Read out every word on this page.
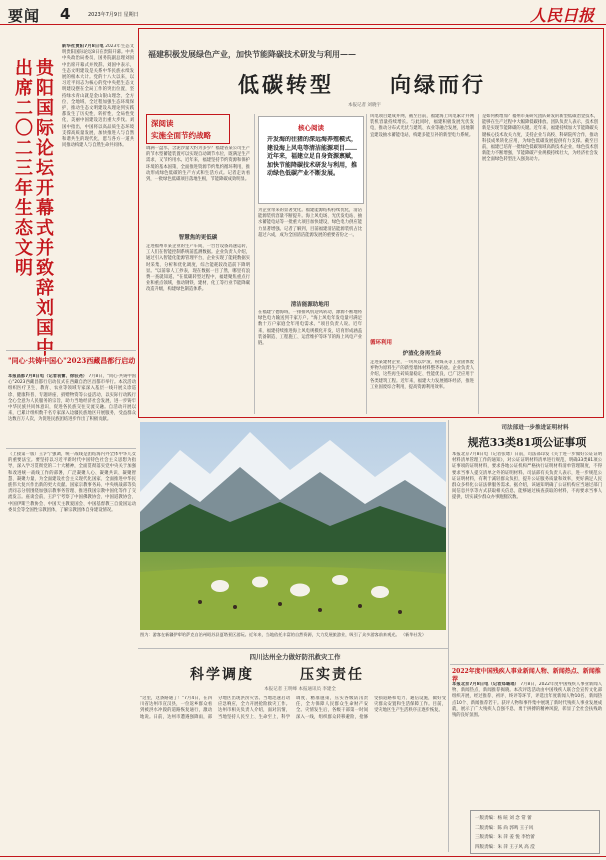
要闻 4	2023年7月9日 星期日	人民日报
贵阳国际论坛开幕式并致辞刘国中出席二〇二三年生态文明
新华社贵阳7月8日电 2023年生态文明贵阳国际论坛8日在贵阳开幕。中共中央政治局委员、国务院副总理刘国中出席开幕式并致辞。刘国中表示，生态文明建设是关系中华民族永续发展的根本大计。党的十八大以来，以习近平同志为核心的党中央把生态文明建设摆在全局工作的突出位置，坚持绿水青山就是金山银山理念，全方位、全地域、全过程加强生态环境保护，推动生态文明建设从理论到实践都发生了历史性、转折性、全局性变化，美丽中国建设迈出重大步伐。刘国中指出，中国将以高品质生态环境支撑高质量发展，加快推进人与自然和谐共生的现代化，愿与各方一道共同推动构建人与自然生命共同体。
"同心·共铸中国心"2023西藏昌都行启动
本报昌都7月8日电（记者袁蕾、徐驭尧） 7月8日，"同心·共铸中国心"2023西藏昌都行启动仪式在西藏自治区昌都市举行。本次活动组织医疗卫生、教育、农业等领域专家深入基层一线开展义诊巡诊、健康科普、专题讲座、捐赠物资等公益活动，以实际行动践行全心全意为人民服务的宗旨，助力当地经济社会发展，进一步铸牢中华民族共同体意识，促进各民族交往交流交融。自活动开展以来，已累计组织数千名专家深入边疆民族地区开展服务，受益群众达数百万人次，为促进民族团结进步作出了积极贡献。
（上接第一版）王沪宁强调，统一战线是团结海内外全体中华儿女的重要法宝。要坚持以习近平新时代中国特色社会主义思想为指导，深入学习贯彻党的二十大精神，全面贯彻落实党中央关于加强和改进统一战线工作的部署，广泛凝聚人心、凝聚共识、凝聚智慧、凝聚力量，为全面建设社会主义现代化国家、全面推进中华民族伟大复兴作出新的更大贡献。国家宗教事务局、中央统战部等负责同志分别围绕加强宗教事务管理、推进我国宗教中国化等作了交流发言。座谈会前，王沪宁考察了中国佛教协会、中国道教协会、中国伊斯兰教协会、中国天主教爱国会、中国基督教三自爱国运动委员会等全国性宗教团体，了解宗教团体自身建设情况。
福建积极发展绿色产业，加快节能降碳技术研发与利用——
低碳转型	向绿而行
本报记者 刘晓宇
深阅读
实施全面节约战略
调满一盘水，含泥沙量大约为多少？福建省某公司生产的节水型蓄能装置可以实现自动调节水位，既满足生产需求，又节约用水。近年来，福建坚持节约资源和保护环境的基本国策，全面推进资源节约集约循环利用，推动形成绿色低碳的生产方式和生活方式。记者走访看到，一批绿色低碳项目落地生根，节能降碳成效明显。
智慧焦的更低碳
走进福州市某企业的生产车间，一台台设备高速运转，工人们在智能控制系统前监测数据。企业负责人介绍，通过引入智能化能源管理平台，企业实现了能耗数据实时采集、分析和优化调度，综合能耗较改造前下降明显。"以前靠人工抄表，现在数据一目了然，哪里有浪费一查就知道。"在低碳转型过程中，福建聚焦重点行业和重点领域，推动钢铁、建材、化工等行业节能降碳改造升级，构建绿色制造体系。
核心阅读
开发海的往猪的深远海养殖模式，建设海上风电等清洁能源项目……近年来，福建立足自身资源禀赋，加快节能降碳技术研发与利用，推动绿色低碳产业不断发展。
为企业带来的显著变化。福建能源结构持续优化，清洁能源装机容量不断提升。海上风电场、光伏发电站、抽水蓄能电站等一批重大项目加快建设，绿色电力供应能力显著增强。记者了解到，目前福建清洁能源装机占比超过六成，成为全国清洁能源发展的重要省份之一。
清洁能源助地用
在福建宁德海域，一排排风机迎风转动，源源不断地将绿色电力输送到千家万户。"海上风电年发电量可满足数十万户家庭全年用电需求。"项目负责人说。近年来，福建持续推进海上风电规模化开发，培育形成涵盖装备制造、工程施工、运营维护等环节的海上风电产业链。
风电项目建成并网，截至目前，福建海上风电累计并网装机容量持续增长。与此同时，福建积极发展光伏发电，推动分布式光伏与建筑、农业等融合发展，因地制宜建设抽水蓄能电站，构建多能互补的新型电力系统。
循环利用
炉渣化身再生砖
走进某建材企业，一块块以炉渣、粉煤灰等工业固体废弃物为原料生产的新型墙体材料整齐码放。企业负责人介绍，这些再生砖质量稳定、性能优良，已广泛应用于各类建筑工程。近年来，福建大力发展循环经济，推进工业固废综合利用，提高资源利用效率。
是如何被增加？福州市某研究团队研发的新型低碳冶金技术，能够在生产过程中大幅降低碳排放。团队负责人表示，技术创新是实现节能降碳的关键。近年来，福建持续加大节能降碳关键核心技术攻关力度，支持企业与高校、科研院所合作，推动科技成果转化应用，为绿色低碳发展提供有力支撑。截至目前，福建已培育一批绿色低碳领域高新技术企业，绿色技术创新能力不断增强，节能降碳产业规模持续壮大，为经济社会发展全面绿色转型注入强劲动力。
图为：游客在新疆伊犁哈萨克自治州昭苏县夏塔景区游玩。近年来，当地依托丰富的自然资源，大力发展旅游业，吸引了众多游客前来观光。 （新华社发）
司法部进一步推进证明材料
规范33类81项公证事项
本报北京7月8日电（记者张璁）日前，司法部印发《关于进一步做好公证证明材料清单管理工作的通知》，对公证证明材料清单进行规范，明确33类81项公证事项的证明材料，要求各地公证机构严格执行证明材料清单管理制度，不得要求当事人提交清单之外的证明材料。司法部有关负责人表示，进一步规范公证证明材料，有利于减轻群众负担，提升公证服务质量和效率，更好满足人民群众多样化公证法律服务需求。据介绍，该通知明确了公证机构应当通过部门间信息共享等方式获取相关信息，能够通过核查获取的材料，不再要求当事人提供，切实减少群众办事跑腿次数。
2022年度中国残疾人事业新闻人物、新闻热点、新闻推荐
本报北京7月8日电（记者郑璐瑶） 7月8日，2022年度中国残疾人事业新闻人物、新闻热点、新闻推荐揭晓。本次评选活动由中国残疾人联合会宣传文化部组织开展，经过推荐、初评、终评等环节，评选出年度新闻人物10名、新闻热点10个、新闻推荐若干。获评人物和事件集中展现了新时代残疾人事业发展成就，展示了广大残疾人自强不息、勇于拼搏的精神风貌，彰显了全社会扶残助残的良好氛围。
一版责编：杨 暄 刘 念 常 蕾
二版责编：陈 尚 郭鸣 王子风
三版责编：朱 萍 姜 悦 李怡蕾
四版责编：朱 萍 王子风 高 滢
四川达州全力做好防汛救灾工作
科学调度	压实责任
本报记者 王明峰 本报通讯员 李建全
"这里，这条路通了！"7月4日，在四川省达州市宣汉县，一位返乡群众看到被洪水冲毁的道路恢复通行，激动地说。日前，达州市遭遇强降雨，部分地区出现洪涝灾害。当地迅速启动应急响应，全力开展抢险救灾工作。达州市相关负责人介绍，面对汛情，当地坚持人民至上、生命至上，科学调度、精准施策，压实各级防汛责任，全力保障人民群众生命财产安全。灾情发生后，各级干部第一时间深入一线，组织群众转移避险，抢修受损道路和电力、通信设施，做好受灾群众安置和生活保障工作。目前，受灾地区生产生活秩序正逐步恢复。
